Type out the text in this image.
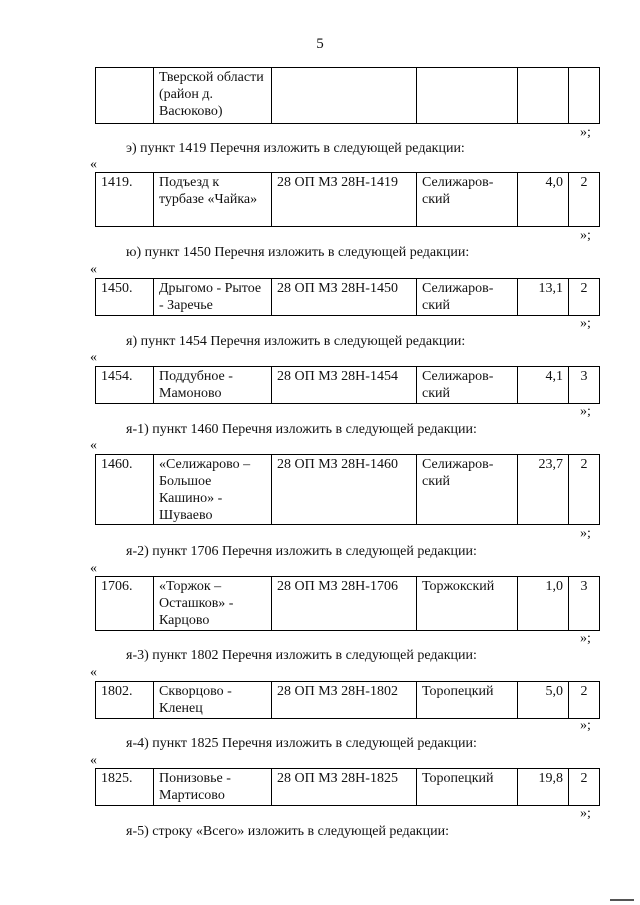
5
	Тверской области (район д. Васюково)				
»;
э) пункт 1419 Перечня изложить в следующей редакции:
«
1419.	Подъезд к турбазе «Чайка»	28 ОП МЗ 28Н-1419	Селижаров-ский	4,0	2
»;
ю) пункт 1450 Перечня изложить в следующей редакции:
«
1450.	Дрыгомо - Рытое - Заречье	28 ОП МЗ 28Н-1450	Селижаров-ский	13,1	2
»;
я) пункт 1454 Перечня изложить в следующей редакции:
«
1454.	Поддубное - Мамоново	28 ОП МЗ 28Н-1454	Селижаров-ский	4,1	3
»;
я-1) пункт 1460 Перечня изложить в следующей редакции:
«
1460.	«Селижарово – Большое Кашино» - Шуваево	28 ОП МЗ 28Н-1460	Селижаров-ский	23,7	2
»;
я-2) пункт 1706 Перечня изложить в следующей редакции:
«
1706.	«Торжок – Осташков» - Карцово	28 ОП МЗ 28Н-1706	Торжокский	1,0	3
»;
я-3) пункт 1802 Перечня изложить в следующей редакции:
«
1802.	Скворцово - Кленец	28 ОП МЗ 28Н-1802	Торопецкий	5,0	2
»;
я-4) пункт 1825 Перечня изложить в следующей редакции:
«
1825.	Понизовье - Мартисово	28 ОП МЗ 28Н-1825	Торопецкий	19,8	2
»;
я-5) строку «Всего» изложить в следующей редакции:
